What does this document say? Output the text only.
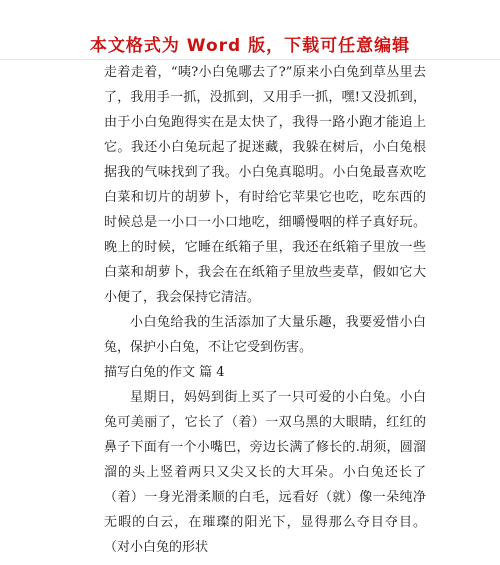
本文格式为 Word 版，下载可任意编辑

走着走着，“咦?小白兔哪去了?”原来小白兔到草丛里去了，我用手一抓，没抓到，又用手一抓，嘿!又没抓到，由于小白兔跑得实在是太快了，我得一路小跑才能追上它。我还小白兔玩起了捉迷藏，我躲在树后，小白兔根据我的气味找到了我。小白兔真聪明。小白兔最喜欢吃白菜和切片的胡萝卜，有时给它苹果它也吃，吃东西的时候总是一小口一小口地吃，细嚼慢咽的样子真好玩。晚上的时候，它睡在纸箱子里，我还在纸箱子里放一些白菜和胡萝卜，我会在在纸箱子里放些麦草，假如它大小便了，我会保持它清洁。

小白兔给我的生活添加了大量乐趣，我要爱惜小白兔，保护小白兔，不让它受到伤害。

描写白兔的作文 篇 4

星期日，妈妈到街上买了一只可爱的小白兔。小白兔可美丽了，它长了（着）一双乌黑的大眼睛，红红的鼻子下面有一个小嘴巴，旁边长满了修长的.胡须，圆溜溜的头上竖着两只又尖又长的大耳朵。小白兔还长了（着）一身光滑柔顺的白毛，远看好（就）像一朵纯净无暇的白云，在璀璨的阳光下，显得那么夺目夺目。 （对小白兔的形状
